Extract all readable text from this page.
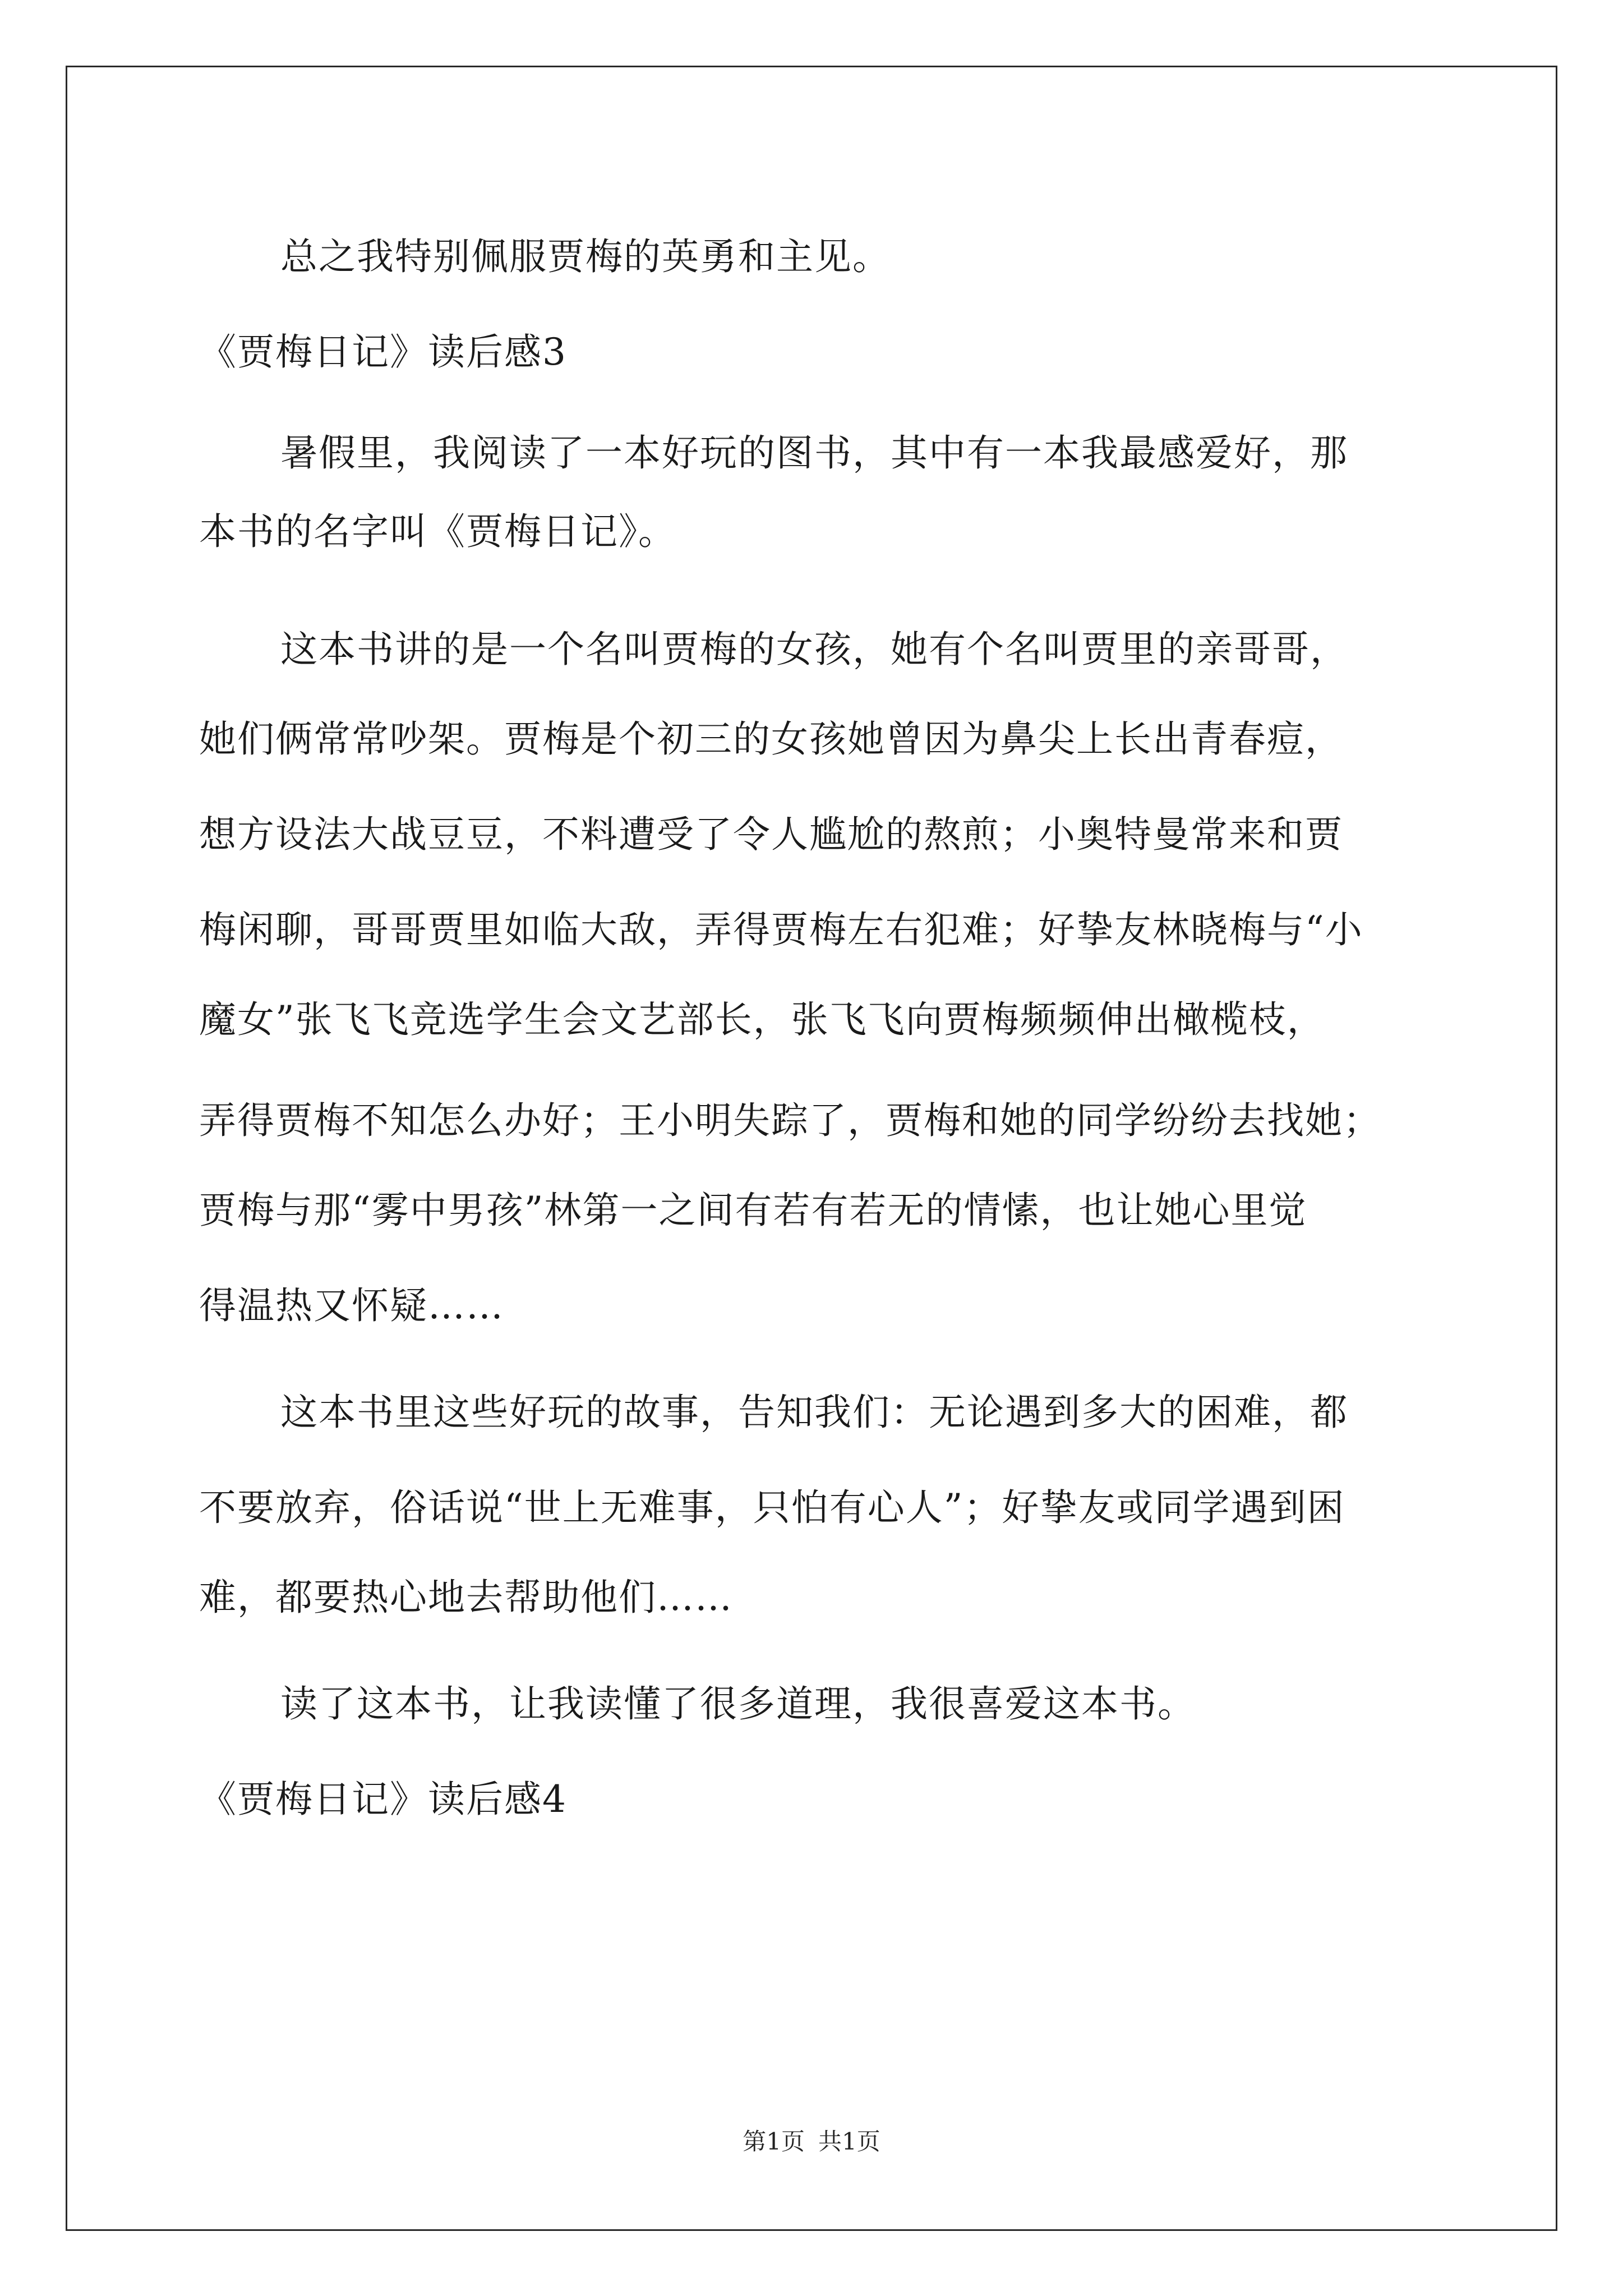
总之我特别佩服贾梅的英勇和主见。
《贾梅日记》读后感3
暑假里，我阅读了一本好玩的图书，其中有一本我最感爱好，那
本书的名字叫《贾梅日记》。
这本书讲的是一个名叫贾梅的女孩，她有个名叫贾里的亲哥哥，
她们俩常常吵架。贾梅是个初三的女孩她曾因为鼻尖上长出青春痘，
想方设法大战豆豆，不料遭受了令人尴尬的熬煎；小奥特曼常来和贾
梅闲聊，哥哥贾里如临大敌，弄得贾梅左右犯难；好挚友林晓梅与“小
魔女”张飞飞竞选学生会文艺部长，张飞飞向贾梅频频伸出橄榄枝，
弄得贾梅不知怎么办好；王小明失踪了，贾梅和她的同学纷纷去找她；
贾梅与那“雾中男孩”林第一之间有若有若无的情愫，也让她心里觉
得温热又怀疑……
这本书里这些好玩的故事，告知我们：无论遇到多大的困难，都
不要放弃，俗话说“世上无难事，只怕有心人”；好挚友或同学遇到困
难，都要热心地去帮助他们……
读了这本书，让我读懂了很多道理，我很喜爱这本书。
《贾梅日记》读后感4
第1页 共1页
